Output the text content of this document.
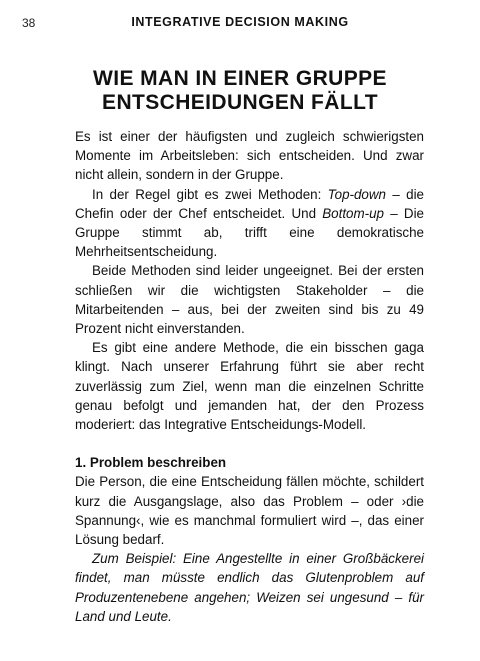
38	INTEGRATIVE DECISION MAKING
WIE MAN IN EINER GRUPPE
ENTSCHEIDUNGEN FÄLLT

Es ist einer der häufigsten und zugleich schwierigsten Momente im Arbeitsleben: sich entscheiden. Und zwar nicht allein, sondern in der Gruppe.

In der Regel gibt es zwei Methoden: Top-down – die Chefin oder der Chef entscheidet. Und Bottom-up – Die Gruppe stimmt ab, trifft eine demokratische Mehrheitsentscheidung.

Beide Methoden sind leider ungeeignet. Bei der ersten schließen wir die wichtigsten Stakeholder – die Mitarbeitenden – aus, bei der zweiten sind bis zu 49 Prozent nicht einverstanden.

Es gibt eine andere Methode, die ein bisschen gaga klingt. Nach unserer Erfahrung führt sie aber recht zuverlässig zum Ziel, wenn man die einzelnen Schritte genau befolgt und jemanden hat, der den Prozess moderiert: das Integrative Entscheidungs-Modell.

1. Problem beschreiben

Die Person, die eine Entscheidung fällen möchte, schildert kurz die Ausgangslage, also das Problem – oder ›die Spannung‹, wie es manchmal formuliert wird –, das einer Lösung bedarf.

Zum Beispiel: Eine Angestellte in einer Großbäckerei findet, man müsste endlich das Glutenproblem auf Produzentenebene angehen; Weizen sei ungesund – für Land und Leute.
